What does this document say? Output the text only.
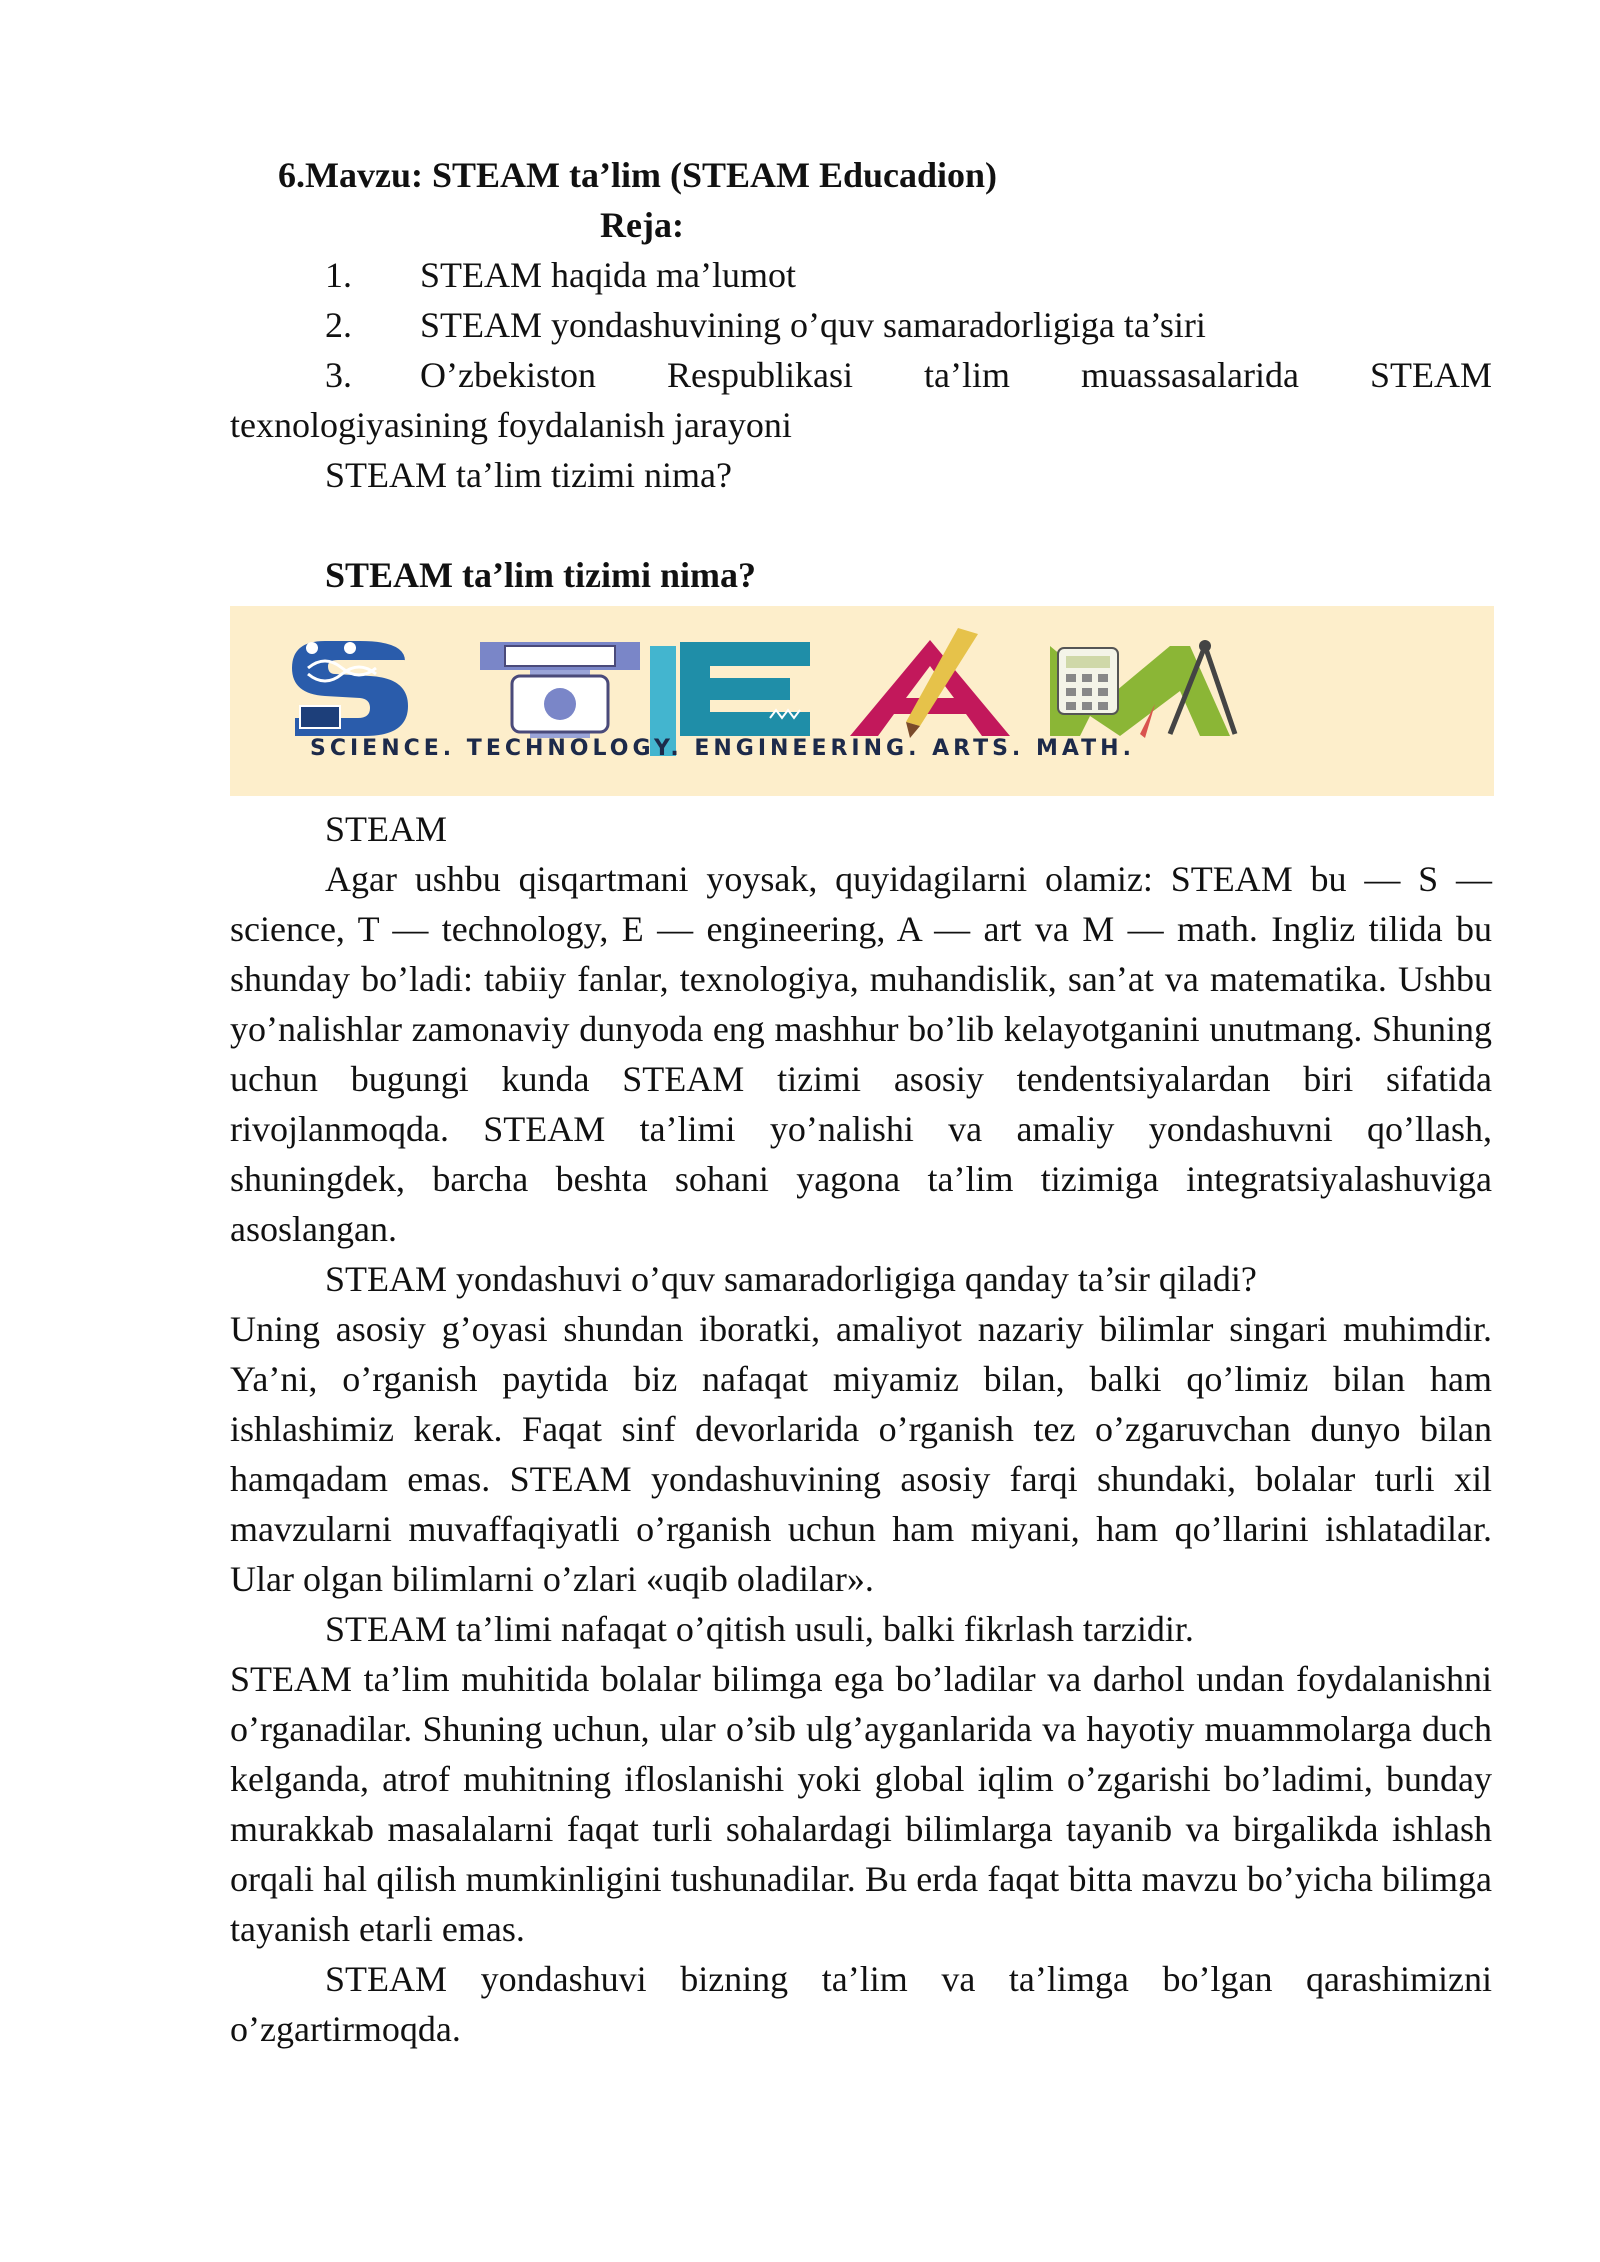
6.Mavzu: STEAM ta’lim (STEAM Educadion)
Reja:
1. STEAM haqida ma’lumot
2. STEAM yondashuvining o’quv samaradorligiga ta’siri
3. O’zbekiston Respublikasi ta’lim muassasalarida STEAM
texnologiyasining foydalanish jarayoni
STEAM ta’lim tizimi nima?
STEAM ta’lim tizimi nima?
SCIENCE. TECHNOLOGY. ENGINEERING. ARTS. MATH.
STEAM

Agar ushbu qisqartmani yoysak, quyidagilarni olamiz: STEAM bu — S — science, T — technology, E — engineering, A — art va M — math. Ingliz tilida bu shunday bo’ladi: tabiiy fanlar, texnologiya, muhandislik, san’at va matematika. Ushbu yo’nalishlar zamonaviy dunyoda eng mashhur bo’lib kelayotganini unutmang. Shuning uchun bugungi kunda STEAM tizimi asosiy tendentsiyalardan biri sifatida rivojlanmoqda. STEAM ta’limi yo’nalishi va amaliy yondashuvni qo’llash, shuningdek, barcha beshta sohani yagona ta’lim tizimiga integratsiyalashuviga asoslangan.

STEAM yondashuvi o’quv samaradorligiga qanday ta’sir qiladi?

Uning asosiy g’oyasi shundan iboratki, amaliyot nazariy bilimlar singari muhimdir. Ya’ni, o’rganish paytida biz nafaqat miyamiz bilan, balki qo’limiz bilan ham ishlashimiz kerak. Faqat sinf devorlarida o’rganish tez o’zgaruvchan dunyo bilan hamqadam emas. STEAM yondashuvining asosiy farqi shundaki, bolalar turli xil mavzularni muvaffaqiyatli o’rganish uchun ham miyani, ham qo’llarini ishlatadilar. Ular olgan bilimlarni o’zlari «uqib oladilar».

STEAM ta’limi nafaqat o’qitish usuli, balki fikrlash tarzidir.

STEAM ta’lim muhitida bolalar bilimga ega bo’ladilar va darhol undan foydalanishni o’rganadilar. Shuning uchun, ular o’sib ulg’ayganlarida va hayotiy muammolarga duch kelganda, atrof muhitning ifloslanishi yoki global iqlim o’zgarishi bo’ladimi, bunday murakkab masalalarni faqat turli sohalardagi bilimlarga tayanib va birgalikda ishlash orqali hal qilish mumkinligini tushunadilar. Bu erda faqat bitta mavzu bo’yicha bilimga tayanish etarli emas.

STEAM yondashuvi bizning ta’lim va ta’limga bo’lgan qarashimizni o’zgartirmoqda.
